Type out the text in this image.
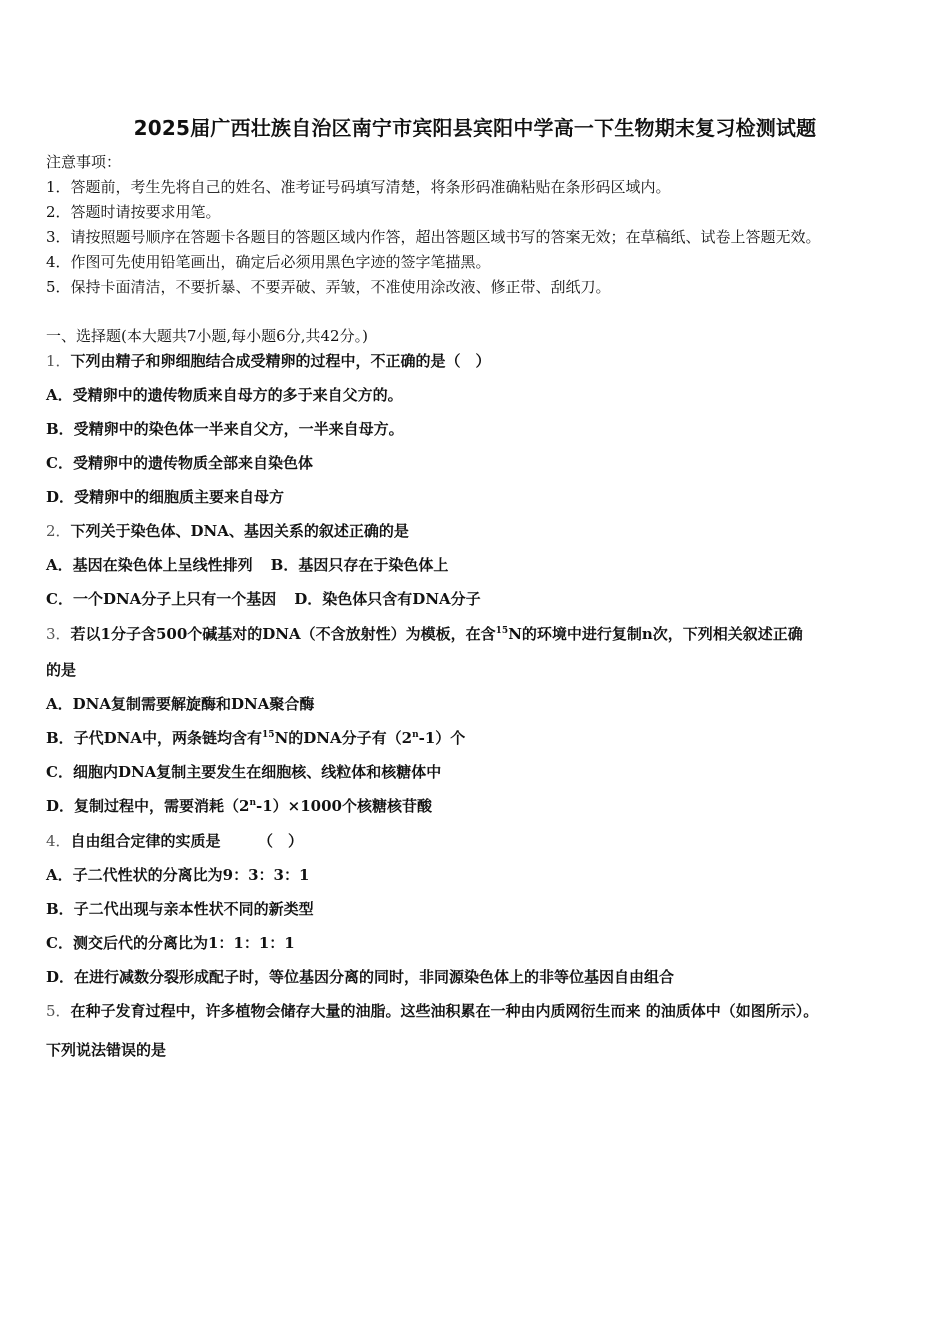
2025届广西壮族自治区南宁市宾阳县宾阳中学高一下生物期末复习检测试题
注意事项：
1．答题前，考生先将自己的姓名、准考证号码填写清楚，将条形码准确粘贴在条形码区域内。
2．答题时请按要求用笔。
3．请按照题号顺序在答题卡各题目的答题区域内作答，超出答题区域书写的答案无效；在草稿纸、试卷上答题无效。
4．作图可先使用铅笔画出，确定后必须用黑色字迹的签字笔描黑。
5．保持卡面清洁，不要折暴、不要弄破、弄皱，不准使用涂改液、修正带、刮纸刀。
一、选择题(本大题共7小题,每小题6分,共42分。)
1．下列由精子和卵细胞结合成受精卵的过程中，不正确的是（　）
A．受精卵中的遗传物质来自母方的多于来自父方的。
B．受精卵中的染色体一半来自父方，一半来自母方。
C．受精卵中的遗传物质全部来自染色体
D．受精卵中的细胞质主要来自母方
2．下列关于染色体、DNA、基因关系的叙述正确的是
A．基因在染色体上呈线性排列 B．基因只存在于染色体上
C．一个DNA分子上只有一个基因 D．染色体只含有DNA分子
3．若以1分子含500个碱基对的DNA（不含放射性）为模板，在含$^{15}$N的环境中进行复制n次，下列相关叙述正确
的是
A．DNA复制需要解旋酶和DNA聚合酶
B．子代DNA中，两条链均含有$^{15}$N的DNA分子有（2$^n$-1）个
C．细胞内DNA复制主要发生在细胞核、线粒体和核糖体中
D．复制过程中，需要消耗$(2^n-1)\times 1000$个核糖核苷酸
4．自由组合定律的实质是　　　（　）
A．子二代性状的分离比为9：3：3：1
B．子二代出现与亲本性状不同的新类型
C．测交后代的分离比为1：1：1：1
D．在进行减数分裂形成配子时，等位基因分离的同时，非同源染色体上的非等位基因自由组合
5．在种子发育过程中，许多植物会储存大量的油脂。这些油积累在一种由内质网衍生而来 的油质体中（如图所示）。
下列说法错误的是
